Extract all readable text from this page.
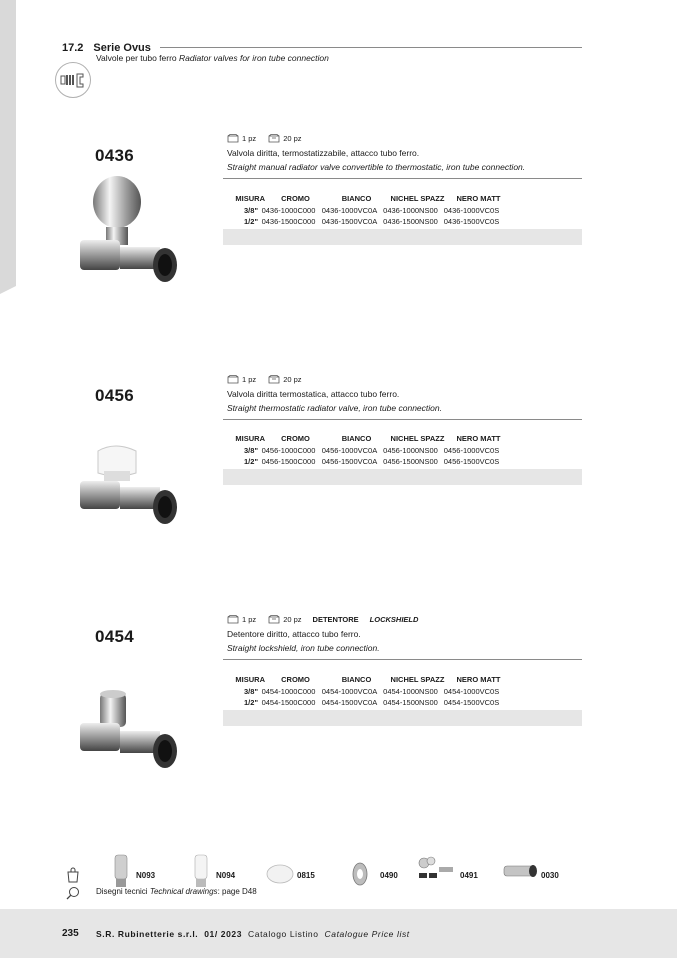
17.2 Serie Ovus
Valvole per tubo ferro Radiator valves for iron tube connection
0436
1 pz	20 pz
Valvola diritta, termostatizzabile, attacco tubo ferro.
Straight manual radiator valve convertible to thermostatic, iron tube connection.
MISURA	CROMO	BIANCO	NICHEL SPAZZ	NERO MATT
3/8" 0436-1000C000 0436-1000VC0A 0436-1000NS00 0436-1000VC0S
1/2" 0436-1500C000 0436-1500VC0A 0436-1500NS00 0436-1500VC0S
0456
1 pz	20 pz
Valvola diritta termostatica, attacco tubo ferro.
Straight thermostatic radiator valve, iron tube connection.
MISURA	CROMO	BIANCO	NICHEL SPAZZ	NERO MATT
3/8" 0456-1000C000 0456-1000VC0A 0456-1000NS00 0456-1000VC0S
1/2" 0456-1500C000 0456-1500VC0A 0456-1500NS00 0456-1500VC0S
0454
1 pz	20 pz DETENTORE LOCKSHIELD
Detentore diritto, attacco tubo ferro.
Straight lockshield, iron tube connection.
MISURA	CROMO	BIANCO	NICHEL SPAZZ	NERO MATT
3/8" 0454-1000C000 0454-1000VC0A 0454-1000NS00 0454-1000VC0S
1/2" 0454-1500C000 0454-1500VC0A 0454-1500NS00 0454-1500VC0S
N093	N094	0815	0490	0491	0030
Disegni tecnici Technical drawings: page D48
235 S.R. Rubinetterie s.r.l. 01/ 2023 Catalogo Listino Catalogue Price list
